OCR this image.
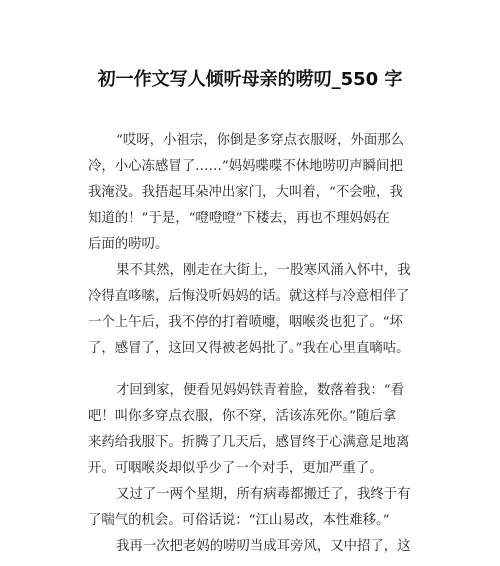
初一作文写人倾听母亲的唠叨_550 字
“哎呀，小祖宗，你倒是多穿点衣服呀，外面那么
冷，小心冻感冒了……”妈妈喋喋不休地唠叨声瞬间把
我淹没。我捂起耳朵冲出家门，大叫着，“不会啦，我
知道的！”于是，“噔噔噔”下楼去，再也不理妈妈在
后面的唠叨。
果不其然，刚走在大街上，一股寒风涌入怀中，我
冷得直哆嗦，后悔没听妈妈的话。就这样与冷意相伴了
一个上午后，我不停的打着喷嚏，咽喉炎也犯了。“坏
了，感冒了，这回又得被老妈批了。”我在心里直嘀咕。
才回到家，便看见妈妈铁青着脸，数落着我：“看
吧！叫你多穿点衣服，你不穿，活该冻死你。”随后拿
来药给我服下。折腾了几天后，感冒终于心满意足地离
开。可咽喉炎却似乎少了一个对手，更加严重了。
又过了一两个星期，所有病毒都搬迁了，我终于有
了喘气的机会。可俗话说：“江山易改，本性难移。”
我再一次把老妈的唠叨当成耳旁风，又中招了，这
